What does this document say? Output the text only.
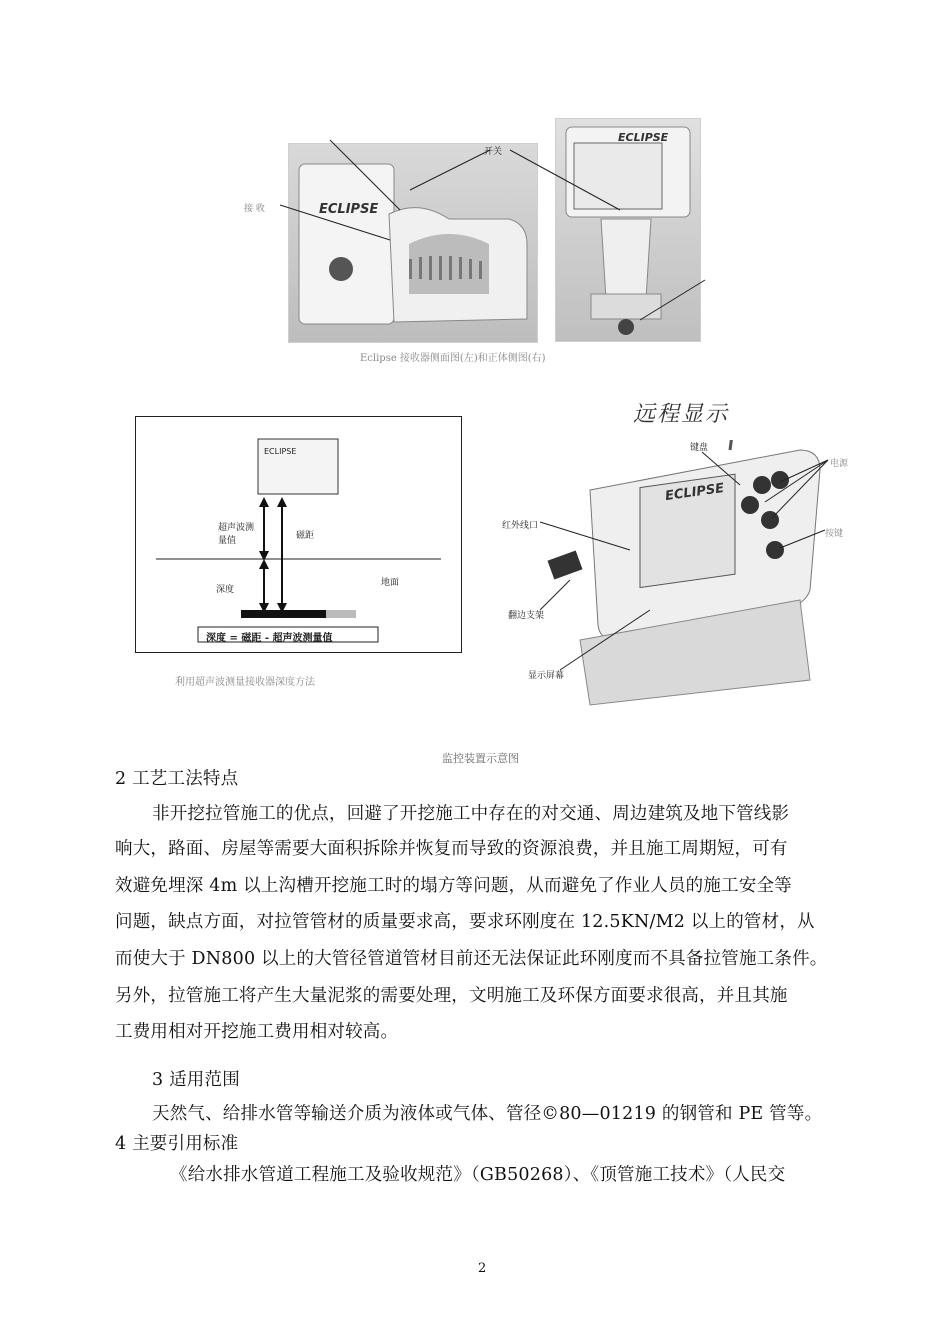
ECLIPSE
开关
接 收
ECLIPSE
Eclipse 接收器侧面图(左)和正体侧图(右)
远程显示
ECLIPSE
超声波测量值	磁距
深度
地面
深度 = 磁距 - 超声波测量值
利用超声波测量接收器深度方法
ECLIPSE
键盘
红外线口
翻边支架
显示屏幕
电源
按键
监控装置示意图
2 工艺工法特点
非开挖拉管施工的优点，回避了开挖施工中存在的对交通、周边建筑及地下管线影
响大，路面、房屋等需要大面积拆除并恢复而导致的资源浪费，并且施工周期短，可有
效避免埋深 4m 以上沟槽开挖施工时的塌方等问题，从而避免了作业人员的施工安全等
问题，缺点方面，对拉管管材的质量要求高，要求环刚度在 12.5KN/M2 以上的管材，从
而使大于 DN800 以上的大管径管道管材目前还无法保证此环刚度而不具备拉管施工条件。
另外，拉管施工将产生大量泥浆的需要处理，文明施工及环保方面要求很高，并且其施
工费用相对开挖施工费用相对较高。
3 适用范围
天然气、给排水管等输送介质为液体或气体、管径©80—01219 的钢管和 PE 管等。
4 主要引用标准
《给水排水管道工程施工及验收规范》（GB50268）、《顶管施工技术》（人民交
2
